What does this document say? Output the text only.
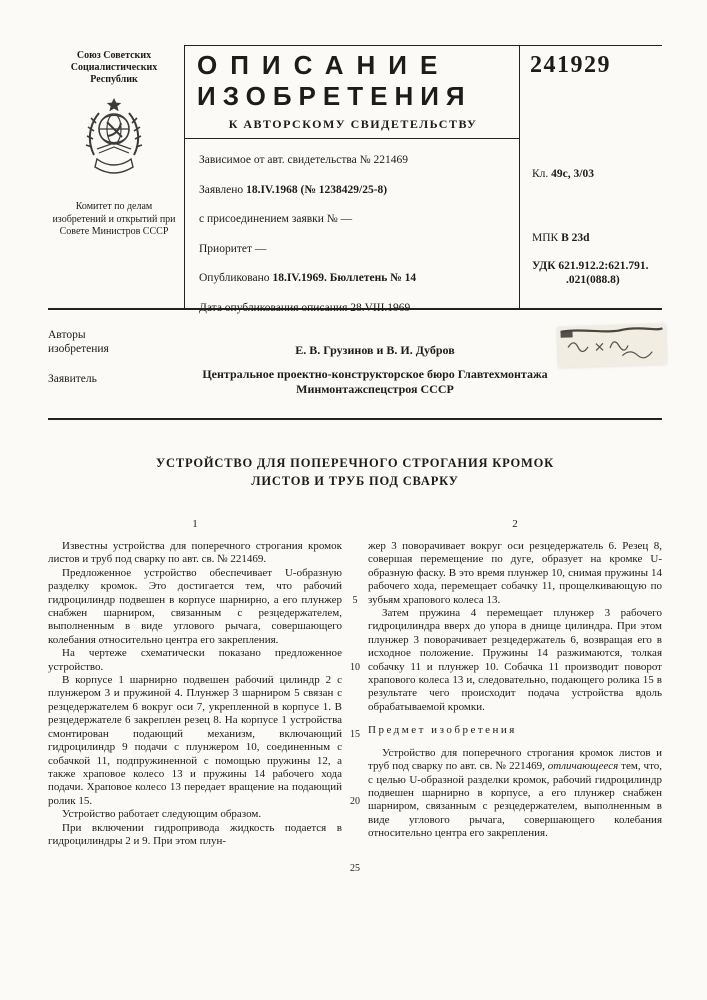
Союз Советских Социалистических Республик
Комитет по делам изобретений и открытий при Совете Министров СССР
ОПИСАНИЕ
ИЗОБРЕТЕНИЯ
К АВТОРСКОМУ СВИДЕТЕЛЬСТВУ
Зависимое от авт. свидетельства № 221469
Заявлено 18.IV.1968 (№ 1238429/25-8)
с присоединением заявки № —
Приоритет —
Опубликовано 18.IV.1969. Бюллетень № 14
Дата опубликования описания 28.VIII.1969
241929
Кл. 49с, 3/03
МПК В 23d
УДК 621.912.2:621.791.
.021(088.8)
Авторы изобретения	Е. В. Грузинов и В. И. Дубров
Заявитель	Центральное проектно-конструкторское бюро Главтехмонтажа
Минмонтажспецстроя СССР
УСТРОЙСТВО ДЛЯ ПОПЕРЕЧНОГО СТРОГАНИЯ КРОМОК
ЛИСТОВ И ТРУБ ПОД СВАРКУ
1

Известны устройства для поперечного строгания кромок листов и труб под сварку по авт. св. № 221469.

Предложенное устройство обеспечивает U-образную разделку кромок. Это достигается тем, что рабочий гидроцилиндр подвешен в корпусе шарнирно, а его плунжер снабжен шарниром, связанным с резцедержателем, выполненным в виде углового рычага, совершающего колебания относительно центра его закрепления.

На чертеже схематически показано предложенное устройство.

В корпусе 1 шарнирно подвешен рабочий цилиндр 2 с плунжером 3 и пружиной 4. Плунжер 3 шарниром 5 связан с резцедержателем 6 вокруг оси 7, укрепленной в корпусе 1. В резцедержателе 6 закреплен резец 8. На корпусе 1 устройства смонтирован подающий механизм, включающий гидроцилиндр 9 подачи с плунжером 10, соединенным с собачкой 11, подпружиненной с помощью пружины 12, а также храповое колесо 13 и пружины 14 рабочего хода подачи. Храповое колесо 13 передает вращение на подающий ролик 15.

Устройство работает следующим образом.

При включении гидропривода жидкость подается в гидроцилиндры 2 и 9. При этом плун-

2

жер 3 поворачивает вокруг оси резцедержатель 6. Резец 8, совершая перемещение по дуге, образует на кромке U-образную фаску. В это время плунжер 10, снимая пружины 14 рабочего хода, перемещает собачку 11, прощелкивающую по зубьям храпового колеса 13.

Затем пружина 4 перемещает плунжер 3 рабочего гидроцилиндра вверх до упора в днище цилиндра. При этом плунжер 3 поворачивает резцедержатель 6, возвращая его в исходное положение. Пружины 14 разжимаются, толкая собачку 11 и плунжер 10. Собачка 11 производит поворот храпового колеса 13 и, следовательно, подающего ролика 15 в результате чего происходит подача устройства вдоль обрабатываемой кромки.

Предмет изобретения

Устройство для поперечного строгания кромок листов и труб под сварку по авт. св. № 221469, отличающееся тем, что, с целью U-образной разделки кромок, рабочий гидроцилиндр подвешен шарнирно в корпусе, а его плунжер снабжен шарниром, связанным с резцедержателем, выполненным в виде углового рычага, совершающего колебания относительно центра его закрепления.

5
10
15
20
25
